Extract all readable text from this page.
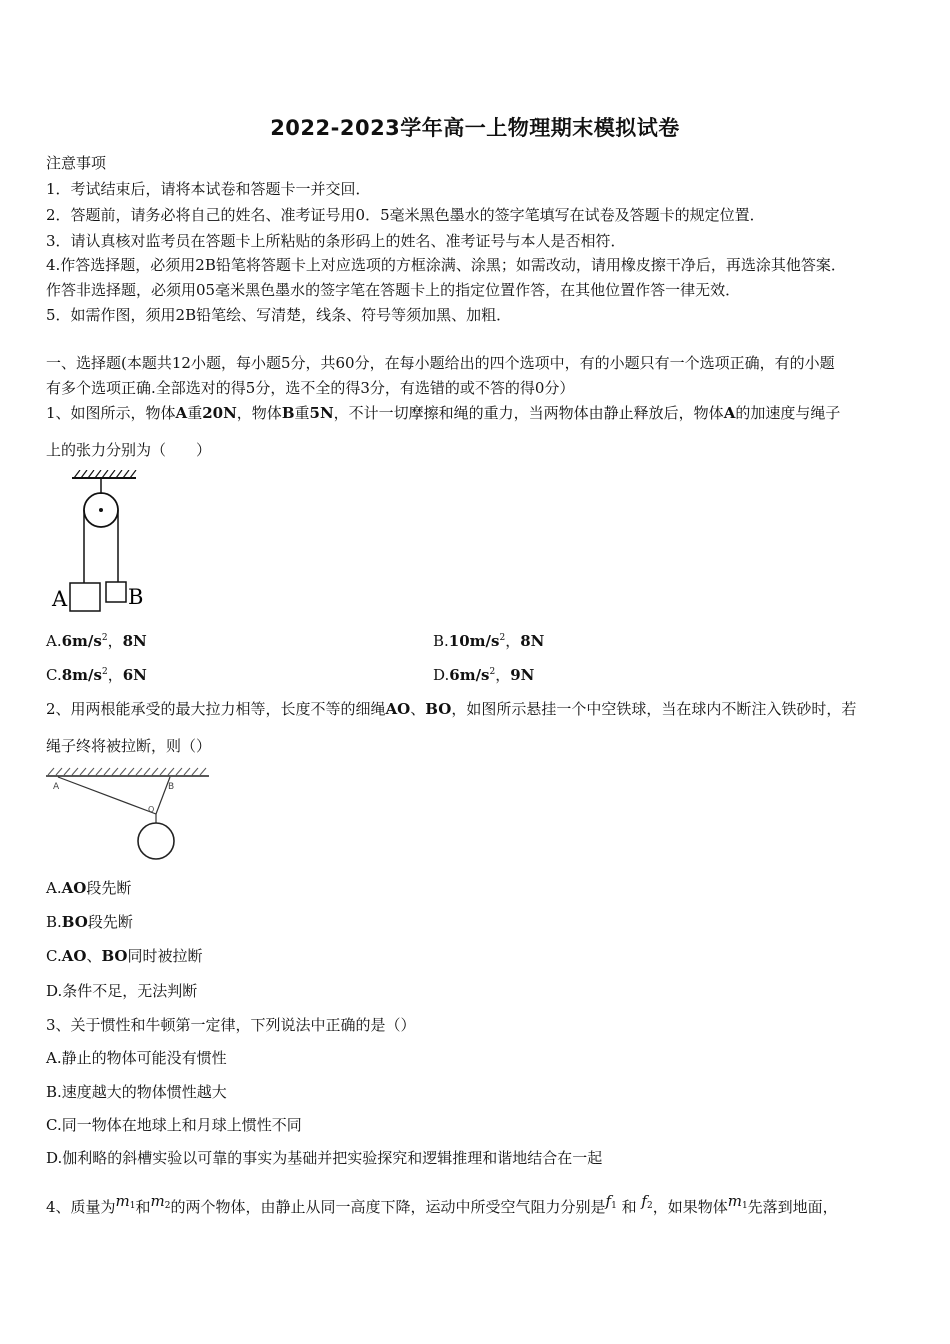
2022-2023学年高一上物理期末模拟试卷
注意事项
1．考试结束后，请将本试卷和答题卡一并交回．
2．答题前，请务必将自己的姓名、准考证号用0．5毫米黑色墨水的签字笔填写在试卷及答题卡的规定位置．
3．请认真核对监考员在答题卡上所粘贴的条形码上的姓名、准考证号与本人是否相符．
4.作答选择题，必须用2B铅笔将答题卡上对应选项的方框涂满、涂黑；如需改动，请用橡皮擦干净后，再选涂其他答案．
作答非选择题，必须用05毫米黑色墨水的签字笔在答题卡上的指定位置作答，在其他位置作答一律无效．
5．如需作图，须用2B铅笔绘、写清楚，线条、符号等须加黑、加粗．
一、选择题(本题共12小题，每小题5分，共60分，在每小题给出的四个选项中，有的小题只有一个选项正确，有的小题
有多个选项正确.全部选对的得5分，选不全的得3分，有选错的或不答的得0分）
1、如图所示，物体A重20N，物体B重5N，不计一切摩擦和绳的重力，当两物体由静止释放后，物体A的加速度与绳子
上的张力分别为（　　）
A	B
$A.6m/s^2$，8N	$B.10m/s^2$，8N
$C.8m/s^2$，6N	$D.6m/s^2$，9N
2、用两根能承受的最大拉力相等，长度不等的细绳AO、BO，如图所示悬挂一个中空铁球，当在球内不断注入铁砂时，若
绳子终将被拉断，则（）
A	B
O
A.AO段先断
B.BO段先断
C.AO、BO同时被拉断
D.条件不足，无法判断
3、关于惯性和牛顿第一定律，下列说法中正确的是（）
A.静止的物体可能没有惯性
B.速度越大的物体惯性越大
C.同一物体在地球上和月球上惯性不同
D.伽利略的斜槽实验以可靠的事实为基础并把实验探究和逻辑推理和谐地结合在一起
4、质量为$m_1$和$m_2$的两个物体，由静止从同一高度下降，运动中所受空气阻力分别是$f_1$ 和 $f_2$，如果物体$m_1$先落到地面，
